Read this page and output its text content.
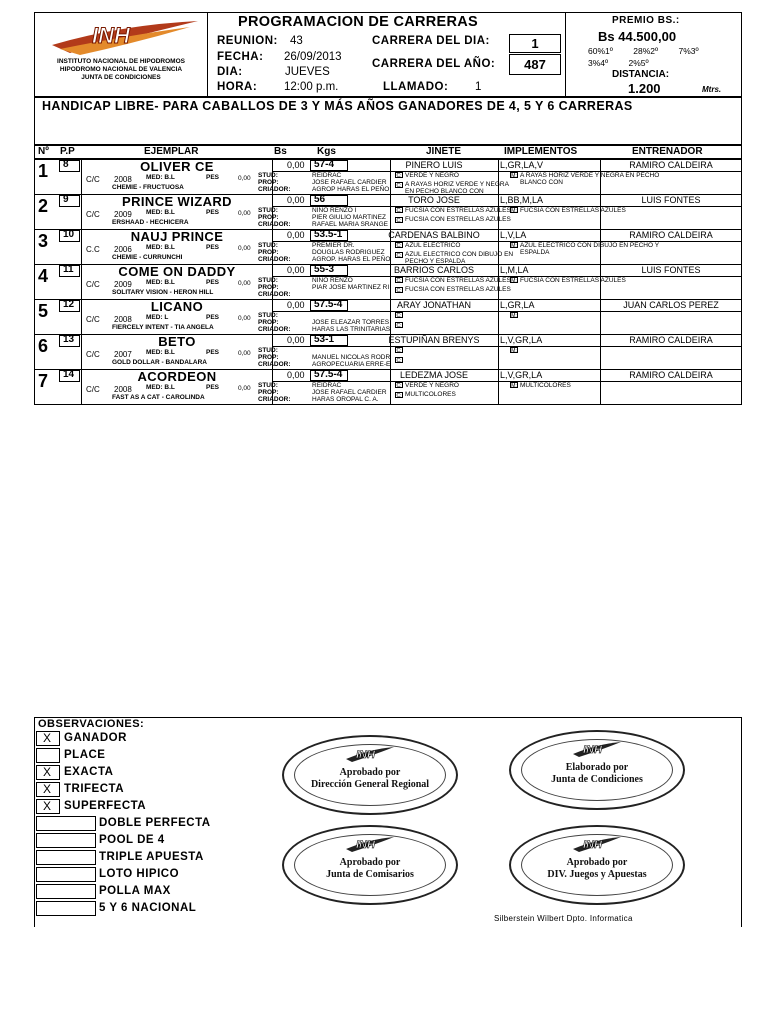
INH
INSTITUTO NACIONAL DE HIPODROMOS
HIPODROMO NACIONAL DE VALENCIA
JUNTA DE CONDICIONES
PROGRAMACION DE CARRERAS
REUNION: 43
FECHA: 26/09/2013
DIA:	JUEVES
HORA: 12:00 p.m.	LLAMADO: 1
CARRERA DEL DIA:	1
CARRERA DEL AÑO:	487
PREMIO BS.:
Bs 44.500,00
60%1º 28%2º 7%3º
3%4º 2%5º
DISTANCIA:
1.200	Mtrs.
HANDICAP LIBRE- PARA CABALLOS DE 3 Y MÁS AÑOS GANADORES DE 4, 5 Y 6 CARRERAS
Nº P.P	EJEMPLAR	Bs	Kgs	JINETE	IMPLEMENTOS	ENTRENADOR
1 8	OLIVER CE
C/C 2008 MED: B.L	PES	0,00
CHEMIE - FRUCTUOSA
0,00 57-4	PINERO LUIS	L,GR,LA,V	RAMIRO CALDEIRA
STUD:	REIDRAC
PROP:	JOSE RAFAEL CARDIER
CRIADOR:	AGROP HARAS EL PEÑO
C: VERDE Y NEGRO
C: A RAYAS HORIZ VERDE Y NEGRA EN PECHO BLANCO CON
M: A RAYAS HORIZ VERDE Y NEGRA EN PECHO BLANCO CON
2 9	PRINCE WIZARD
C/C 2009 MED: B.L	PES	0,00
ERSHAAD - HECHICERA
0,00 56	TORO JOSE	L,BB,M,LA	LUIS FONTES
STUD:	NIÑO RENZO I
PROP:	PIER GIULIO MARTINEZ
CRIADOR:	RAFAEL MARIA SRANGE
C: FUCSIA CON ESTRELLAS AZULES
C: FUCSIA CON ESTRELLAS AZULES
M: FUCSIA CON ESTRELLAS AZULES
3 10	NAUJ PRINCE
C.C 2006 MED: B.L	PES	0,00
CHEMIE - CURRUNCHI
0,00 53.5-1	CARDENAS BALBINO	L,V,LA	RAMIRO CALDEIRA
STUD:	PREMIER DR.
PROP:	DOUGLAS RODRIGUEZ
CRIADOR:	AGROP. HARAS EL PEÑO
C: AZUL ELECTRICO
C: AZUL ELECTRICO CON DIBUJO EN PECHO Y ESPALDA
M: AZUL ELECTRICO CON DIBUJO EN PECHO Y ESPALDA
4 11	COME ON DADDY
C/C 2009 MED: B.L	PES	0,00
SOLITARY VISION - HERON HILL
0,00 55-3	BARRIOS CARLOS	L,M,LA	LUIS FONTES
STUD:	NIÑO RENZO
PROP:	PIAR JOSE MARTINEZ RI
CRIADOR:
C: FUCSIA CON ESTRELLAS AZULES
C: FUCSIA CON ESTRELLAS AZULES
M: FUCSIA CON ESTRELLAS AZULES
5 12	LICANO
C/C 2008 MED: L	PES	0,00
FIERCELY INTENT - TIA ANGELA
0,00 57.5-4	ARAY JONATHAN	L,GR,LA	JUAN CARLOS PEREZ
STUD:
PROP:	JOSE ELEAZAR TORRES
CRIADOR:	HARAS LAS TRINITARIAS
C:
C:
M:
6 13	BETO
C/C 2007 MED: B.L	PES	0,00
GOLD DOLLAR - BANDALARA
0,00 53-1	ESTUPIÑAN BRENYS	L,V,GR,LA	RAMIRO CALDEIRA
STUD:
PROP:	MANUEL NICOLAS RODR
CRIADOR:	AGROPECUARIA ERRE-E
C:
C:
M:
7 14	ACORDEON
C/C 2008 MED: B.L	PES	0,00
FAST AS A CAT - CAROLINDA
0,00 57.5-4	LEDEZMA JOSE	L,V,GR,LA	RAMIRO CALDEIRA
STUD:	REIDRAC
PROP:	JOSE RAFAEL CARDIER
CRIADOR:	HARAS OROPAL C. A.
C: VERDE Y NEGRO
C: MULTICOLORES
M: MULTICOLORES
OBSERVACIONES:
X	GANADOR
PLACE
X	EXACTA
X	TRIFECTA
X	SUPERFECTA
DOBLE PERFECTA
POOL DE 4
TRIPLE APUESTA
LOTO HIPICO
POLLA MAX
5 Y 6 NACIONAL
INH
Aprobado por
Dirección General Regional
INH
Elaborado por
Junta de Condiciones
INH
Aprobado por
Junta de Comisarios
INH
Aprobado por
DIV. Juegos y Apuestas
Silberstein Wilbert Dpto. Informatica
